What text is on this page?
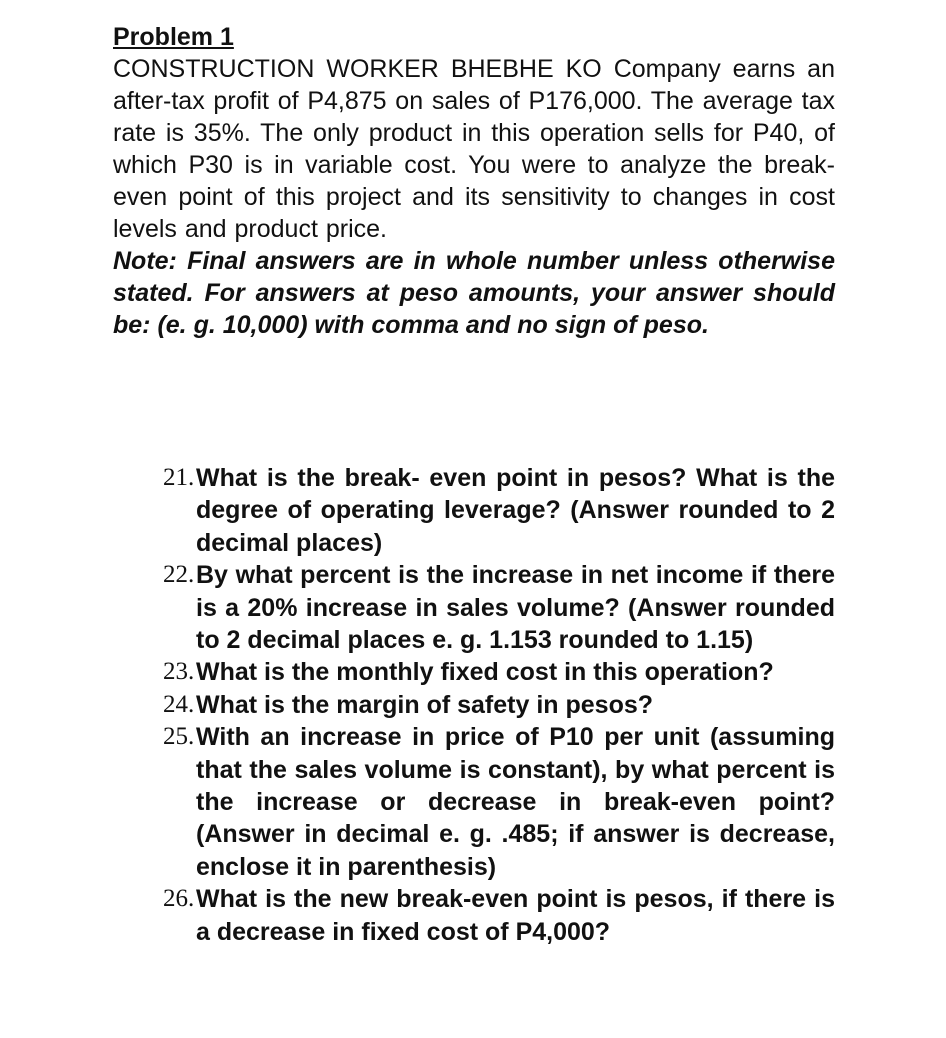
Problem 1

CONSTRUCTION WORKER BHEBHE KO Company earns an after-tax profit of P4,875 on sales of P176,000. The average tax rate is 35%. The only product in this operation sells for P40, of which P30 is in variable cost. You were to analyze the break-even point of this project and its sensitivity to changes in cost levels and product price.

Note: Final answers are in whole number unless otherwise stated. For answers at peso amounts, your answer should be: (e. g. 10,000) with comma and no sign of peso.

21. What is the break- even point in pesos? What is the degree of operating leverage? (Answer rounded to 2 decimal places)
22. By what percent is the increase in net income if there is a 20% increase in sales volume? (Answer rounded to 2 decimal places e. g. 1.153 rounded to 1.15)
23. What is the monthly fixed cost in this operation?
24. What is the margin of safety in pesos?
25. With an increase in price of P10 per unit (assuming that the sales volume is constant), by what percent is the increase or decrease in break-even point? (Answer in decimal e. g. .485; if answer is decrease, enclose it in parenthesis)
26. What is the new break-even point is pesos, if there is a decrease in fixed cost of P4,000?
